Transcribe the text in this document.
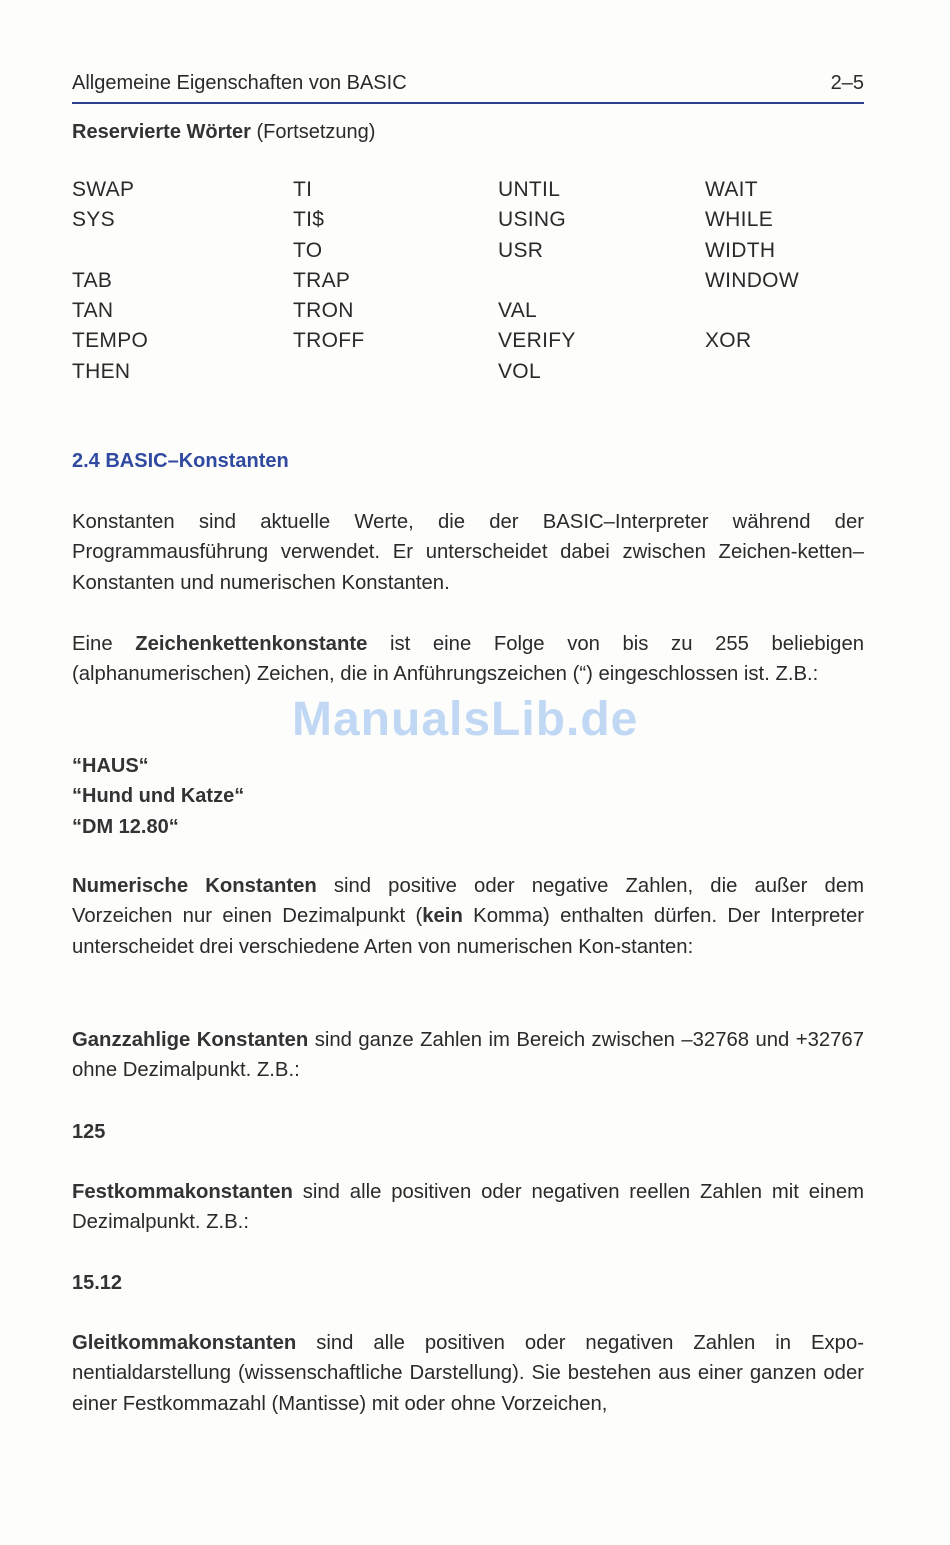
Allgemeine Eigenschaften von BASIC	2–5
Reservierte Wörter (Fortsetzung)
SWAP
SYS
TAB
TAN
TEMPO
THEN
TI
TI$
TO
TRAP
TRON
TROFF
UNTIL
USING
USR
VAL
VERIFY
VOL
WAIT
WHILE
WIDTH
WINDOW
XOR
2.4 BASIC–Konstanten
Konstanten sind aktuelle Werte, die der BASIC–Interpreter während der Programmausführung verwendet. Er unterscheidet dabei zwischen Zeichen-ketten–Konstanten und numerischen Konstanten.
Eine Zeichenkettenkonstante ist eine Folge von bis zu 255 beliebigen (alphanumerischen) Zeichen, die in Anführungszeichen (“) eingeschlossen ist. Z.B.:
“HAUS“
“Hund und Katze“
“DM 12.80“
Numerische Konstanten sind positive oder negative Zahlen, die außer dem Vorzeichen nur einen Dezimalpunkt (kein Komma) enthalten dürfen. Der Interpreter unterscheidet drei verschiedene Arten von numerischen Kon-stanten:
Ganzzahlige Konstanten sind ganze Zahlen im Bereich zwischen –32768 und +32767 ohne Dezimalpunkt. Z.B.:
125
Festkommakonstanten sind alle positiven oder negativen reellen Zahlen mit einem Dezimalpunkt. Z.B.:
15.12
Gleitkommakonstanten sind alle positiven oder negativen Zahlen in Expo-nentialdarstellung (wissenschaftliche Darstellung). Sie bestehen aus einer ganzen oder einer Festkommazahl (Mantisse) mit oder ohne Vorzeichen,
ManualsLib.de
